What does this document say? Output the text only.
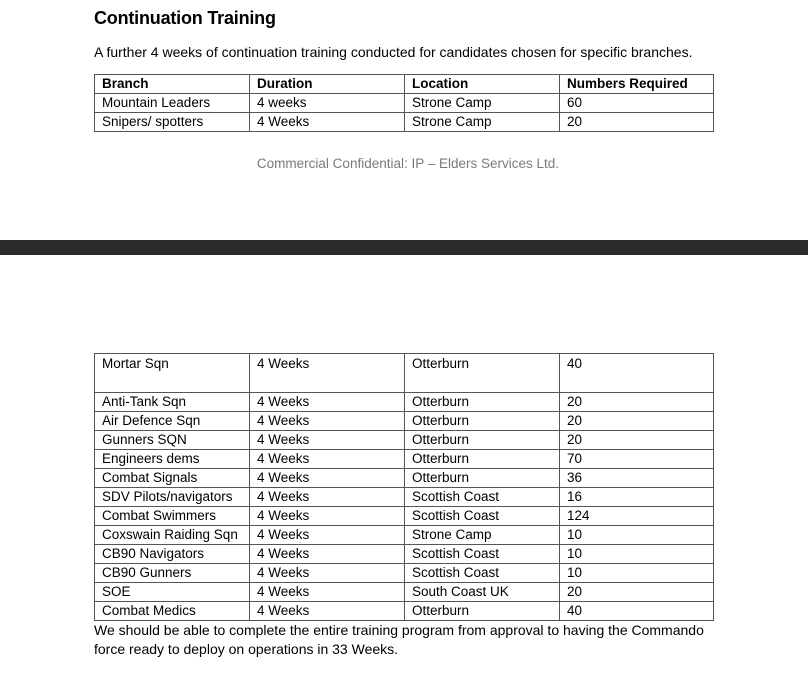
Continuation Training
A further 4 weeks of continuation training conducted for candidates chosen for specific branches.
Branch	Duration	Location	Numbers Required
Mountain Leaders	4 weeks	Strone Camp	60
Snipers/ spotters	4 Weeks	Strone Camp	20
Commercial Confidential: IP – Elders Services Ltd.
Mortar Sqn	4 Weeks	Otterburn	40
Anti-Tank Sqn	4 Weeks	Otterburn	20
Air Defence Sqn	4 Weeks	Otterburn	20
Gunners SQN	4 Weeks	Otterburn	20
Engineers dems	4 Weeks	Otterburn	70
Combat Signals	4 Weeks	Otterburn	36
SDV Pilots/navigators	4 Weeks	Scottish Coast	16
Combat Swimmers	4 Weeks	Scottish Coast	124
Coxswain Raiding Sqn	4 Weeks	Strone Camp	10
CB90 Navigators	4 Weeks	Scottish Coast	10
CB90 Gunners	4 Weeks	Scottish Coast	10
SOE	4 Weeks	South Coast UK	20
Combat Medics	4 Weeks	Otterburn	40
We should be able to complete the entire training program from approval to having the Commando force ready to deploy on operations in 33 Weeks.
